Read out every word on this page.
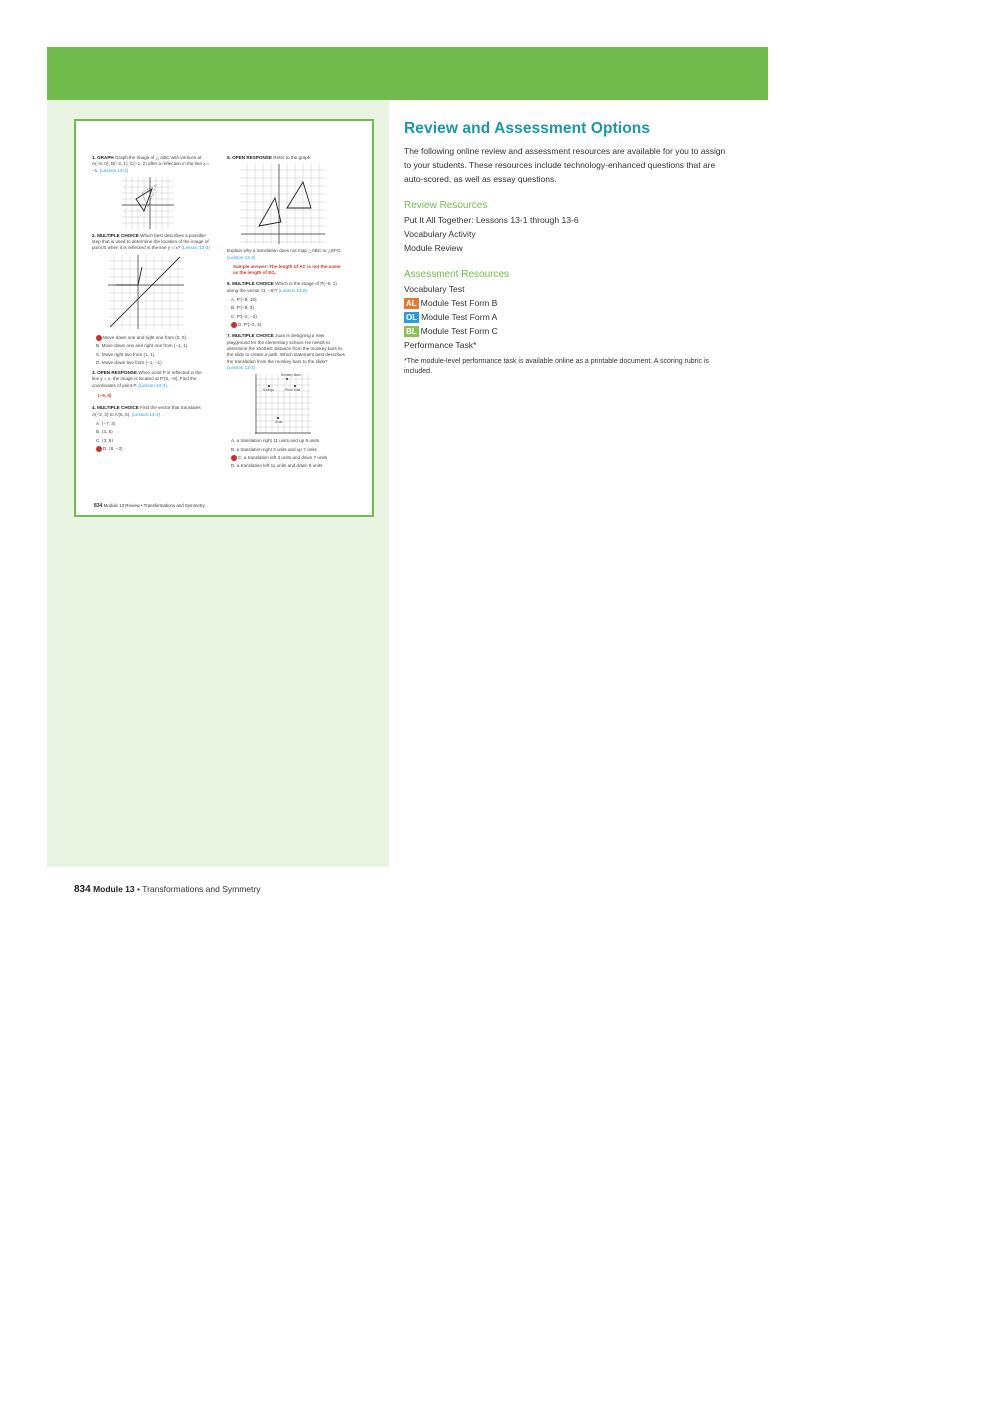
1. GRAPH Graph the image of △ ABC with vertices at A(−5, 0), B(−3, 1), C(−1, 2) after a reflection in the line x = −1. (Lesson 13-3)
2. MULTIPLE CHOICE Which best describes a possible step that is used to determine the location of the image of point B when it is reflected in the line y = x? (Lesson 13-3)
Move down one and right one from (0, 0).
B. Move down one and right one from (−1, 1).
C. Move right two from (1, 1).
D. Move down two from (−1, −1).
3. OPEN RESPONSE When point P is reflected in the line y = x, the image is located at P′(6, −9). Find the coordinates of point P. (Lesson 13-3)
(−9, 6)
4. MULTIPLE CHOICE Find the vector that translates A(−2, 3) to A′(6, 5). (Lesson 13-2)
A. ⟨−7, 3⟩
B. ⟨3, 8⟩
C. ⟨3, 8⟩
D. ⟨8, −3⟩
5. OPEN RESPONSE Refer to the graph.
Explain why a translation does not map △ABC to △EFG. (Lesson 13-2)
Sample answer: The length of AC is not the same as the length of EG.
6. MULTIPLE CHOICE Which is the image of P(−5, 1) along the vector ⟨3, −8⟩? (Lesson 13-2)
A. P′(−8, 19)
B. P′(−8, 3)
C. P′(−2, −3)
D. P′(−2, 3)
7. MULTIPLE CHOICE Juan is designing a new playground for the elementary school. He needs to determine the shortest distance from the monkey bars to the slide to create a path. Which statement best describes the translation from the monkey bars to the slide? (Lesson 13-2)
Monkey Bars
Swings	Rock Wall
Slide
A. a translation right 11 units and up 9 units
B. a translation right 3 units and up 7 units
C. a translation left 3 units and down 7 units
D. a translation left 11 units and down 9 units
834 Module 13 Review • Transformations and Symmetry
Review and Assessment Options
The following online review and assessment resources are available for you to assign to your students. These resources include technology-enhanced questions that are auto-scored, as well as essay questions.
Review Resources
Put It All Together: Lessons 13-1 through 13-6
Vocabulary Activity
Module Review
Assessment Resources
Vocabulary Test
AL Module Test Form B
OL Module Test Form A
BL Module Test Form C
Performance Task*
*The module-level performance task is available online as a printable document. A scoring rubric is included.
834 Module 13 • Transformations and Symmetry
